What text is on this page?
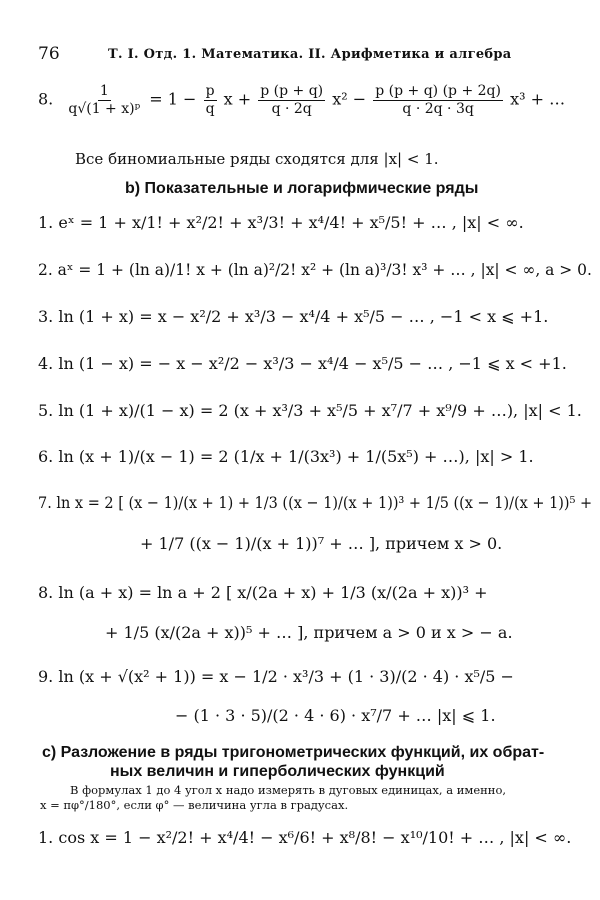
76	Т. I. Отд. 1. Математика. II. Арифметика и алгебра
8. $\frac{1}{\text{q√(1 + x)ᵖ}} = 1 - \frac{p}{q}$ $x + \frac{p (p + q)}{q \cdot 2q} x^2 - \frac{p (p + q) (p + 2q)}{q \cdot 2q \cdot 3q} x^3$ + …
Все биномиальные ряды сходятся для |x| < 1.
b) Показательные и логарифмические ряды
1. eˣ = 1 + x/1! + x²/2! + x³/3! + x⁴/4! + x⁵/5! + … , |x| < ∞.
2. aˣ = 1 + (ln a)/1! x + (ln a)²/2! x² + (ln a)³/3! x³ + … , |x| < ∞, a > 0.
3. ln (1 + x) = x − x²/2 + x³/3 − x⁴/4 + x⁵/5 − … , −1 < x ⩽ +1.
4. ln (1 − x) = − x − x²/2 − x³/3 − x⁴/4 − x⁵/5 − … , −1 ⩽ x < +1.
5. ln (1 + x)/(1 − x) = 2 (x + x³/3 + x⁵/5 + x⁷/7 + x⁹/9 + …), |x| < 1.
6. ln (x + 1)/(x − 1) = 2 (1/x + 1/(3x³) + 1/(5x⁵) + …), |x| > 1.
7. ln x = 2 [ (x − 1)/(x + 1) + 1/3 ((x − 1)/(x + 1))³ + 1/5 ((x − 1)/(x + 1))⁵ +
+ 1/7 ((x − 1)/(x + 1))⁷ + … ], причем x > 0.
8. ln (a + x) = ln a + 2 [ x/(2a + x) + 1/3 (x/(2a + x))³ +
+ 1/5 (x/(2a + x))⁵ + … ], причем a > 0 и x > − a.
9. ln (x + √(x² + 1)) = x − 1/2 · x³/3 + (1 · 3)/(2 · 4) · x⁵/5 −
− (1 · 3 · 5)/(2 · 4 · 6) · x⁷/7 + … |x| ⩽ 1.
c) Разложение в ряды тригонометрических функций, их обрат-
ных величин и гиперболических функций
В формулах 1 до 4 угол x надо измерять в дуговых единицах, а именно,
x = πφ°/180°, если φ° — величина угла в градусах.
1. cos x = 1 − x²/2! + x⁴/4! − x⁶/6! + x⁸/8! − x¹⁰/10! + … , |x| < ∞.
